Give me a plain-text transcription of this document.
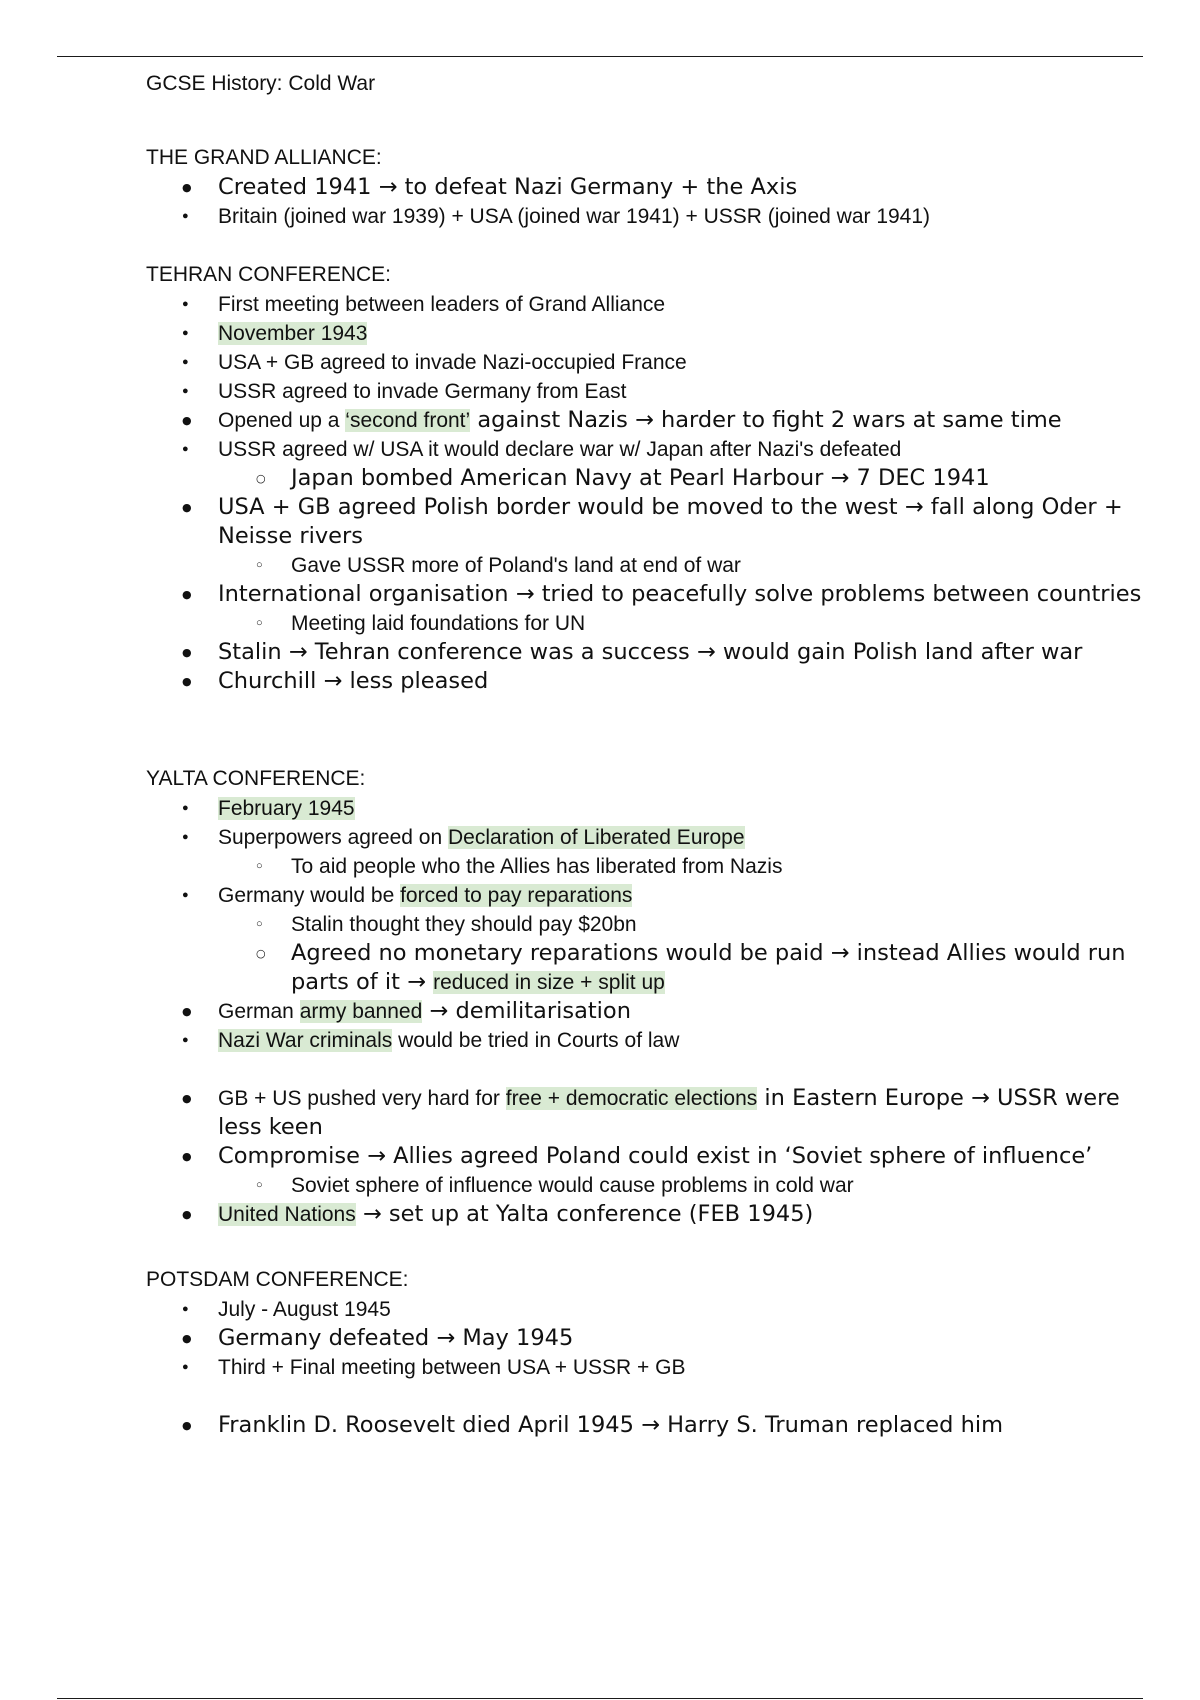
GCSE History: Cold War
THE GRAND ALLIANCE:
● Created 1941 → to defeat Nazi Germany + the Axis
● Britain (joined war 1939) + USA (joined war 1941) + USSR (joined war 1941)
TEHRAN CONFERENCE:
● First meeting between leaders of Grand Alliance
● November 1943
● USA + GB agreed to invade Nazi-occupied France
● USSR agreed to invade Germany from East
● Opened up a ‘second front’ against Nazis → harder to fight 2 wars at same time
● USSR agreed w/ USA it would declare war w/ Japan after Nazi's defeated
○ Japan bombed American Navy at Pearl Harbour → 7 DEC 1941
● USA + GB agreed Polish border would be moved to the west → fall along Oder + Neisse rivers
○ Gave USSR more of Poland's land at end of war
● International organisation → tried to peacefully solve problems between countries
○ Meeting laid foundations for UN
● Stalin → Tehran conference was a success → would gain Polish land after war
● Churchill → less pleased
YALTA CONFERENCE:
● February 1945
● Superpowers agreed on Declaration of Liberated Europe
○ To aid people who the Allies has liberated from Nazis
● Germany would be forced to pay reparations
○ Stalin thought they should pay $20bn
○ Agreed no monetary reparations would be paid → instead Allies would run parts of it → reduced in size + split up
● German army banned → demilitarisation
● Nazi War criminals would be tried in Courts of law
● GB + US pushed very hard for free + democratic elections in Eastern Europe → USSR were less keen
● Compromise → Allies agreed Poland could exist in ‘Soviet sphere of influence’
○ Soviet sphere of influence would cause problems in cold war
● United Nations → set up at Yalta conference (FEB 1945)
POTSDAM CONFERENCE:
● July - August 1945
● Germany defeated → May 1945
● Third + Final meeting between USA + USSR + GB
● Franklin D. Roosevelt died April 1945 → Harry S. Truman replaced him
